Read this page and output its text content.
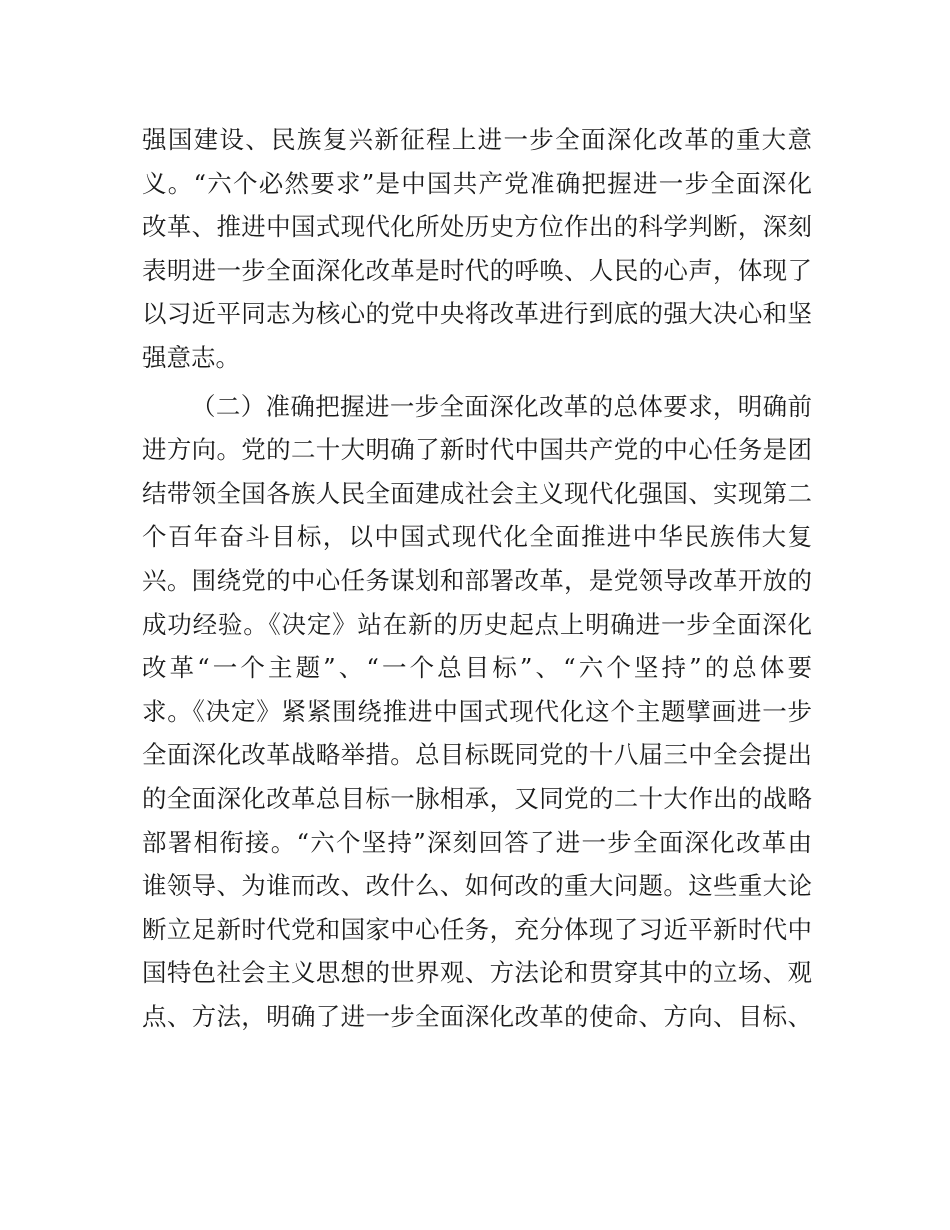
强国建设、民族复兴新征程上进一步全面深化改革的重大意
义。“六个必然要求”是中国共产党准确把握进一步全面深化
改革、推进中国式现代化所处历史方位作出的科学判断，深刻
表明进一步全面深化改革是时代的呼唤、人民的心声，体现了
以习近平同志为核心的党中央将改革进行到底的强大决心和坚
强意志。
（二）准确把握进一步全面深化改革的总体要求，明确前
进方向。党的二十大明确了新时代中国共产党的中心任务是团
结带领全国各族人民全面建成社会主义现代化强国、实现第二
个百年奋斗目标，以中国式现代化全面推进中华民族伟大复
兴。围绕党的中心任务谋划和部署改革，是党领导改革开放的
成功经验。《决定》站在新的历史起点上明确进一步全面深化
改革“一个主题”、“一个总目标”、“六个坚持”的总体要
求。《决定》紧紧围绕推进中国式现代化这个主题擘画进一步
全面深化改革战略举措。总目标既同党的十八届三中全会提出
的全面深化改革总目标一脉相承，又同党的二十大作出的战略
部署相衔接。“六个坚持”深刻回答了进一步全面深化改革由
谁领导、为谁而改、改什么、如何改的重大问题。这些重大论
断立足新时代党和国家中心任务，充分体现了习近平新时代中
国特色社会主义思想的世界观、方法论和贯穿其中的立场、观
点、方法，明确了进一步全面深化改革的使命、方向、目标、
